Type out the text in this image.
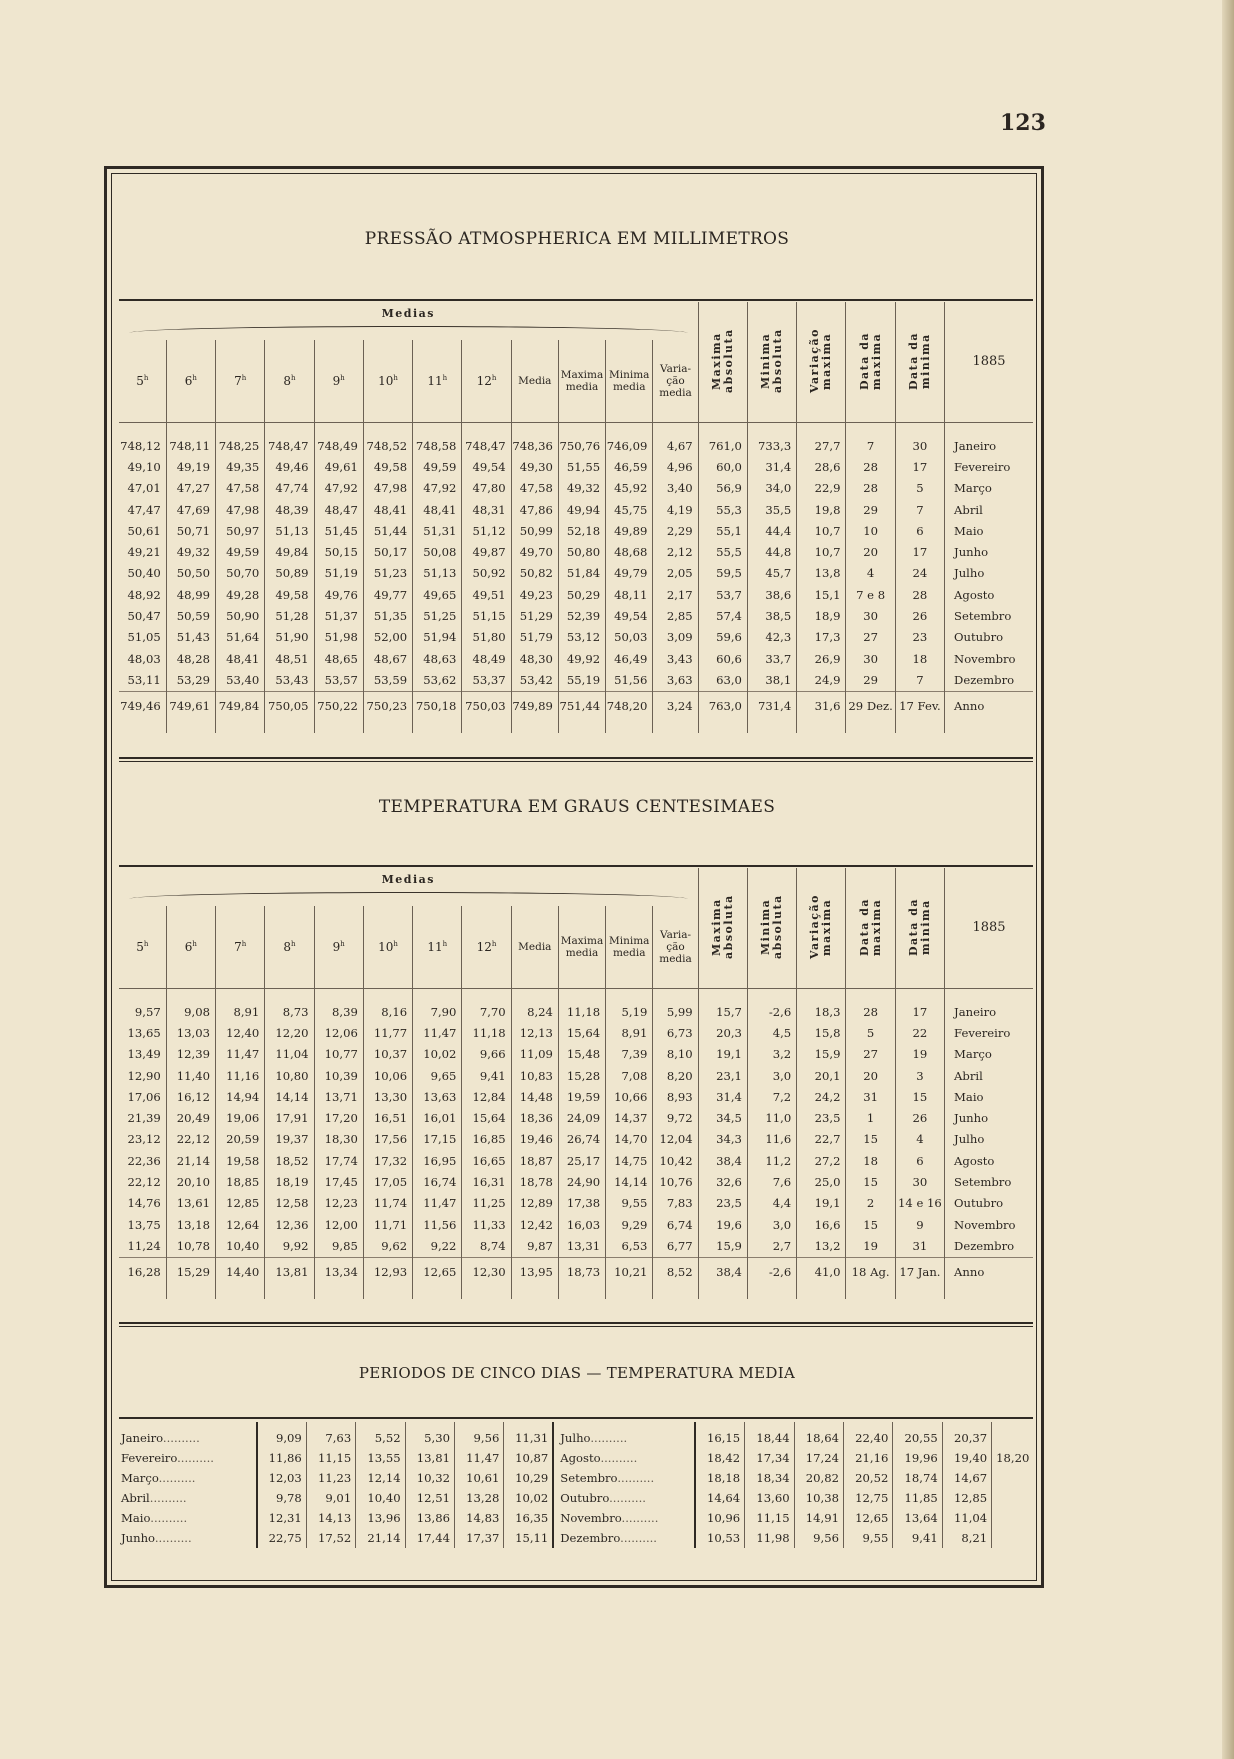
123
PRESSÃO ATMOSPHERICA EM MILLIMETROS
Medias												Maxima absoluta	Minima absoluta	Variação maxima	Data da maxima	Data da minima	1885
5$^h$	6$^h$	7$^h$	8$^h$	9$^h$	10$^h$	11$^h$	12$^h$	Media	Maxima media	Minima media	Varia-ção media						

748,12	748,11	748,25	748,47	748,49	748,52	748,58	748,47	748,36	750,76	746,09	4,67	761,0	733,3	27,7	7	30	Janeiro
49,10	49,19	49,35	49,46	49,61	49,58	49,59	49,54	49,30	51,55	46,59	4,96	60,0	31,4	28,6	28	17	Fevereiro
47,01	47,27	47,58	47,74	47,92	47,98	47,92	47,80	47,58	49,32	45,92	3,40	56,9	34,0	22,9	28	5	Março
47,47	47,69	47,98	48,39	48,47	48,41	48,41	48,31	47,86	49,94	45,75	4,19	55,3	35,5	19,8	29	7	Abril
50,61	50,71	50,97	51,13	51,45	51,44	51,31	51,12	50,99	52,18	49,89	2,29	55,1	44,4	10,7	10	6	Maio
49,21	49,32	49,59	49,84	50,15	50,17	50,08	49,87	49,70	50,80	48,68	2,12	55,5	44,8	10,7	20	17	Junho
50,40	50,50	50,70	50,89	51,19	51,23	51,13	50,92	50,82	51,84	49,79	2,05	59,5	45,7	13,8	4	24	Julho
48,92	48,99	49,28	49,58	49,76	49,77	49,65	49,51	49,23	50,29	48,11	2,17	53,7	38,6	15,1	7 e 8	28	Agosto
50,47	50,59	50,90	51,28	51,37	51,35	51,25	51,15	51,29	52,39	49,54	2,85	57,4	38,5	18,9	30	26	Setembro
51,05	51,43	51,64	51,90	51,98	52,00	51,94	51,80	51,79	53,12	50,03	3,09	59,6	42,3	17,3	27	23	Outubro
48,03	48,28	48,41	48,51	48,65	48,67	48,63	48,49	48,30	49,92	46,49	3,43	60,6	33,7	26,9	30	18	Novembro
53,11	53,29	53,40	53,43	53,57	53,59	53,62	53,37	53,42	55,19	51,56	3,63	63,0	38,1	24,9	29	7	Dezembro
749,46	749,61	749,84	750,05	750,22	750,23	750,18	750,03	749,89	751,44	748,20	3,24	763,0	731,4	31,6	29 Dez.	17 Fev.	Anno

TEMPERATURA EM GRAUS CENTESIMAES
Medias												Maxima absoluta	Minima absoluta	Variação maxima	Data da maxima	Data da minima	1885
5$^h$	6$^h$	7$^h$	8$^h$	9$^h$	10$^h$	11$^h$	12$^h$	Media	Maxima media	Minima media	Varia-ção media						

9,57	9,08	8,91	8,73	8,39	8,16	7,90	7,70	8,24	11,18	5,19	5,99	15,7	-2,6	18,3	28	17	Janeiro
13,65	13,03	12,40	12,20	12,06	11,77	11,47	11,18	12,13	15,64	8,91	6,73	20,3	4,5	15,8	5	22	Fevereiro
13,49	12,39	11,47	11,04	10,77	10,37	10,02	9,66	11,09	15,48	7,39	8,10	19,1	3,2	15,9	27	19	Março
12,90	11,40	11,16	10,80	10,39	10,06	9,65	9,41	10,83	15,28	7,08	8,20	23,1	3,0	20,1	20	3	Abril
17,06	16,12	14,94	14,14	13,71	13,30	13,63	12,84	14,48	19,59	10,66	8,93	31,4	7,2	24,2	31	15	Maio
21,39	20,49	19,06	17,91	17,20	16,51	16,01	15,64	18,36	24,09	14,37	9,72	34,5	11,0	23,5	1	26	Junho
23,12	22,12	20,59	19,37	18,30	17,56	17,15	16,85	19,46	26,74	14,70	12,04	34,3	11,6	22,7	15	4	Julho
22,36	21,14	19,58	18,52	17,74	17,32	16,95	16,65	18,87	25,17	14,75	10,42	38,4	11,2	27,2	18	6	Agosto
22,12	20,10	18,85	18,19	17,45	17,05	16,74	16,31	18,78	24,90	14,14	10,76	32,6	7,6	25,0	15	30	Setembro
14,76	13,61	12,85	12,58	12,23	11,74	11,47	11,25	12,89	17,38	9,55	7,83	23,5	4,4	19,1	2	14 e 16	Outubro
13,75	13,18	12,64	12,36	12,00	11,71	11,56	11,33	12,42	16,03	9,29	6,74	19,6	3,0	16,6	15	9	Novembro
11,24	10,78	10,40	9,92	9,85	9,62	9,22	8,74	9,87	13,31	6,53	6,77	15,9	2,7	13,2	19	31	Dezembro
16,28	15,29	14,40	13,81	13,34	12,93	12,65	12,30	13,95	18,73	10,21	8,52	38,4	-2,6	41,0	18 Ag.	17 Jan.	Anno

PERIODOS DE CINCO DIAS — TEMPERATURA MEDIA
Janeiro..........	9,09	7,63	5,52	5,30	9,56	11,31	Julho..........	16,15	18,44	18,64	22,40	20,55	20,37	
Fevereiro..........	11,86	11,15	13,55	13,81	11,47	10,87	Agosto..........	18,42	17,34	17,24	21,16	19,96	19,40	18,20
Março..........	12,03	11,23	12,14	10,32	10,61	10,29	Setembro..........	18,18	18,34	20,82	20,52	18,74	14,67	
Abril..........	9,78	9,01	10,40	12,51	13,28	10,02	Outubro..........	14,64	13,60	10,38	12,75	11,85	12,85	
Maio..........	12,31	14,13	13,96	13,86	14,83	16,35	Novembro..........	10,96	11,15	14,91	12,65	13,64	11,04	
Junho..........	22,75	17,52	21,14	17,44	17,37	15,11	Dezembro..........	10,53	11,98	9,56	9,55	9,41	8,21	
